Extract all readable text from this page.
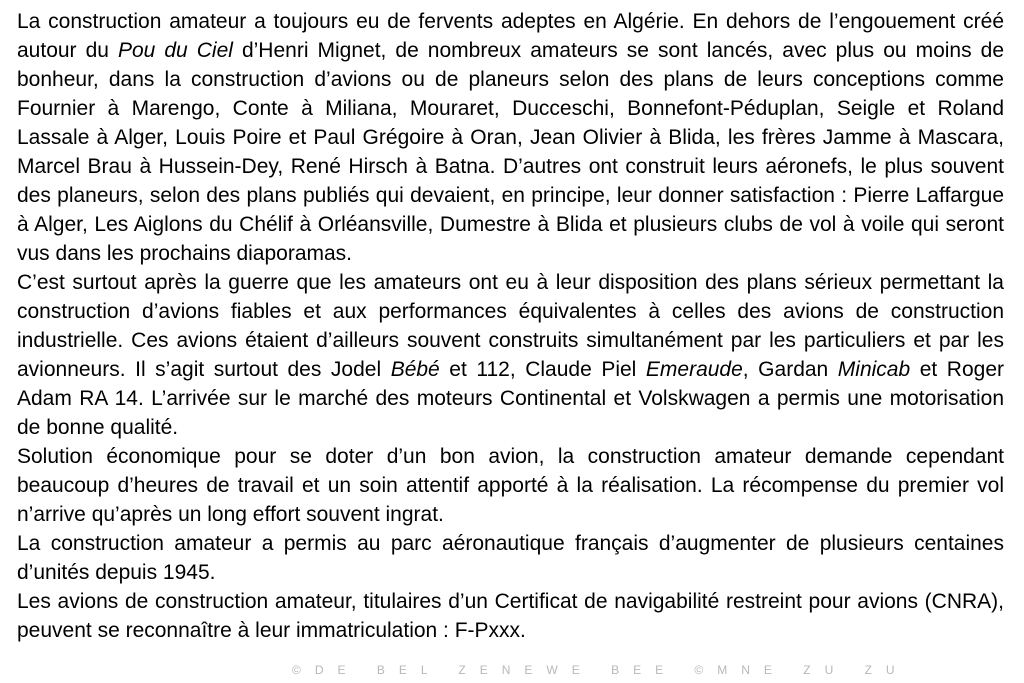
La construction amateur a toujours eu de fervents adeptes en Algérie. En dehors de l’engouement créé autour du Pou du Ciel d’Henri Mignet, de nombreux amateurs se sont lancés, avec plus ou moins de bonheur, dans la construction d’avions ou de planeurs selon des plans de leurs conceptions comme Fournier à Marengo, Conte à Miliana, Mouraret, Ducceschi, Bonnefont-Péduplan, Seigle et Roland Lassale à Alger, Louis Poire et Paul Grégoire à Oran, Jean Olivier à Blida, les frères Jamme à Mascara, Marcel Brau à Hussein-Dey, René Hirsch à Batna. D’autres ont construit leurs aéronefs, le plus souvent des planeurs, selon des plans publiés qui devaient, en principe, leur donner satisfaction : Pierre Laffargue à Alger, Les Aiglons du Chélif à Orléansville, Dumestre à Blida et plusieurs clubs de vol à voile qui seront vus dans les prochains diaporamas.

C’est surtout après la guerre que les amateurs ont eu à leur disposition des plans sérieux permettant la construction d’avions fiables et aux performances équivalentes à celles des avions de construction industrielle. Ces avions étaient d’ailleurs souvent construits simultanément par les particuliers et par les avionneurs. Il s’agit surtout des Jodel Bébé et 112, Claude Piel Emeraude, Gardan Minicab et Roger Adam RA 14. L’arrivée sur le marché des moteurs Continental et Volskwagen a permis une motorisation de bonne qualité.

Solution économique pour se doter d’un bon avion, la construction amateur demande cependant beaucoup d’heures de travail et un soin attentif apporté à la réalisation. La récompense du premier vol n’arrive qu’après un long effort souvent ingrat.

La construction amateur a permis au parc aéronautique français d’augmenter de plusieurs centaines d’unités depuis 1945.

Les avions de construction amateur, titulaires d’un Certificat de navigabilité restreint pour avions (CNRA), peuvent se reconnaître à leur immatriculation : F-Pxxx.

©DE BEL ZENEWE BEE ©MNE ZU ZU
